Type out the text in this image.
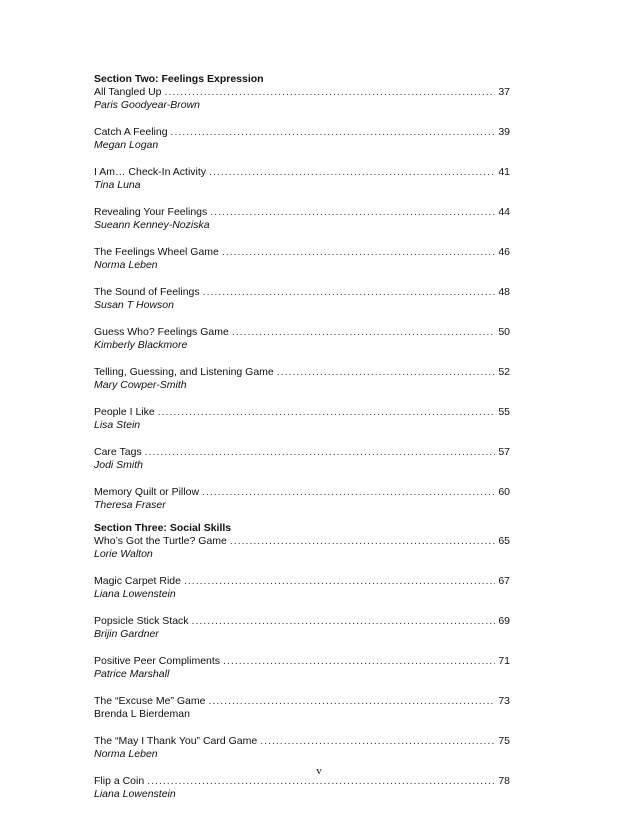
Section Two: Feelings Expression
All Tangled Up .....	37
Paris Goodyear-Brown
Catch A Feeling .....	39
Megan Logan
I Am… Check-In Activity .....	41
Tina Luna
Revealing Your Feelings .....	44
Sueann Kenney-Noziska
The Feelings Wheel Game .....	46
Norma Leben
The Sound of Feelings .....	48
Susan T Howson
Guess Who? Feelings Game .....	50
Kimberly Blackmore
Telling, Guessing, and Listening Game .....	52
Mary Cowper-Smith
People I Like .....	55
Lisa Stein
Care Tags .....	57
Jodi Smith
Memory Quilt or Pillow .....	60
Theresa Fraser
Section Three: Social Skills
Who’s Got the Turtle? Game .....	65
Lorie Walton
Magic Carpet Ride .....	67
Liana Lowenstein
Popsicle Stick Stack .....	69
Brijin Gardner
Positive Peer Compliments .....	71
Patrice Marshall
The “Excuse Me” Game .....	73
Brenda L Bierdeman
The “May I Thank You” Card Game .....	75
Norma Leben
Flip a Coin .....	78
Liana Lowenstein
v
